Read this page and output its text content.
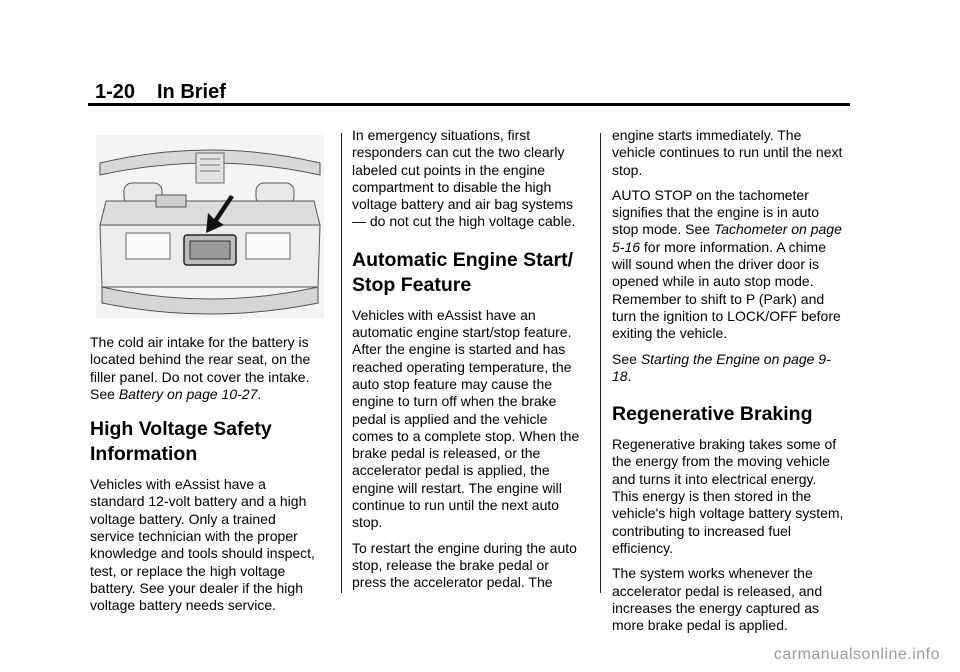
1-20 In Brief

The cold air intake for the battery is located behind the rear seat, on the filler panel. Do not cover the intake. See Battery on page 10-27.

High Voltage Safety Information

Vehicles with eAssist have a standard 12-volt battery and a high voltage battery. Only a trained service technician with the proper knowledge and tools should inspect, test, or replace the high voltage battery. See your dealer if the high voltage battery needs service.

In emergency situations, first responders can cut the two clearly labeled cut points in the engine compartment to disable the high voltage battery and air bag systems — do not cut the high voltage cable.

Automatic Engine Start/ Stop Feature

Vehicles with eAssist have an automatic engine start/stop feature. After the engine is started and has reached operating temperature, the auto stop feature may cause the engine to turn off when the brake pedal is applied and the vehicle comes to a complete stop. When the brake pedal is released, or the accelerator pedal is applied, the engine will restart. The engine will continue to run until the next auto stop.

To restart the engine during the auto stop, release the brake pedal or press the accelerator pedal. The

engine starts immediately. The vehicle continues to run until the next stop.

AUTO STOP on the tachometer signifies that the engine is in auto stop mode. See Tachometer on page 5-16 for more information. A chime will sound when the driver door is opened while in auto stop mode. Remember to shift to P (Park) and turn the ignition to LOCK/OFF before exiting the vehicle.

See Starting the Engine on page 9-18.

Regenerative Braking

Regenerative braking takes some of the energy from the moving vehicle and turns it into electrical energy. This energy is then stored in the vehicle's high voltage battery system, contributing to increased fuel efficiency.

The system works whenever the accelerator pedal is released, and increases the energy captured as more brake pedal is applied.

carmanualsonline.info
